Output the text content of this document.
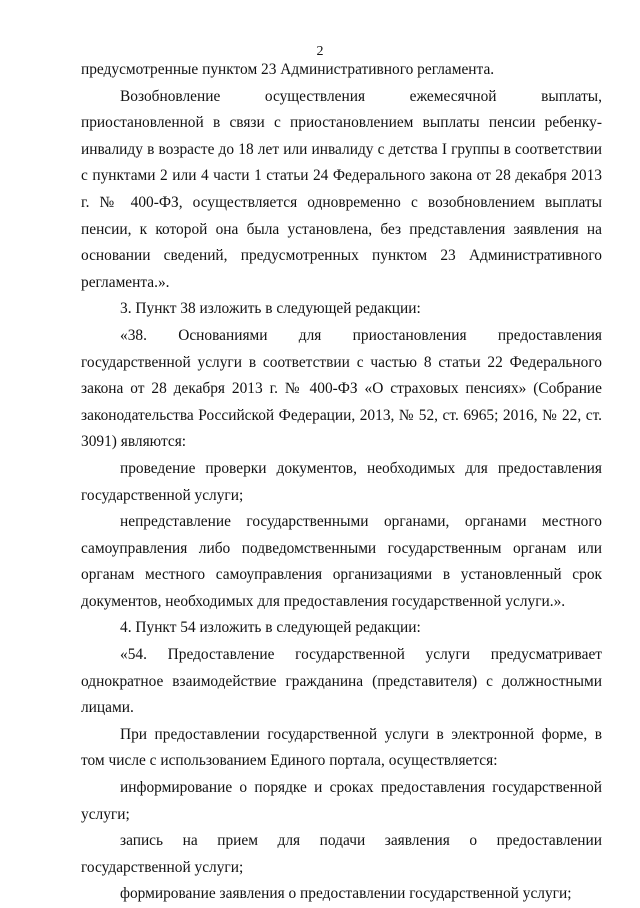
2

предусмотренные пунктом 23 Административного регламента.

Возобновление осуществления ежемесячной выплаты, приостановленной в связи с приостановлением выплаты пенсии ребенку-инвалиду в возрасте до 18 лет или инвалиду с детства I группы в соответствии с пунктами 2 или 4 части 1 статьи 24 Федерального закона от 28 декабря 2013 г. № 400-ФЗ, осуществляется одновременно с возобновлением выплаты пенсии, к которой она была установлена, без представления заявления на основании сведений, предусмотренных пунктом 23 Административного регламента.».

3. Пункт 38 изложить в следующей редакции:

«38. Основаниями для приостановления предоставления государственной услуги в соответствии с частью 8 статьи 22 Федерального закона от 28 декабря 2013 г. № 400-ФЗ «О страховых пенсиях» (Собрание законодательства Российской Федерации, 2013, № 52, ст. 6965; 2016, № 22, ст. 3091) являются:

проведение проверки документов, необходимых для предоставления государственной услуги;

непредставление государственными органами, органами местного самоуправления либо подведомственными государственным органам или органам местного самоуправления организациями в установленный срок документов, необходимых для предоставления государственной услуги.».

4. Пункт 54 изложить в следующей редакции:

«54. Предоставление государственной услуги предусматривает однократное взаимодействие гражданина (представителя) с должностными лицами.

При предоставлении государственной услуги в электронной форме, в том числе с использованием Единого портала, осуществляется:

информирование о порядке и сроках предоставления государственной услуги;

запись на прием для подачи заявления о предоставлении государственной услуги;

формирование заявления о предоставлении государственной услуги;
